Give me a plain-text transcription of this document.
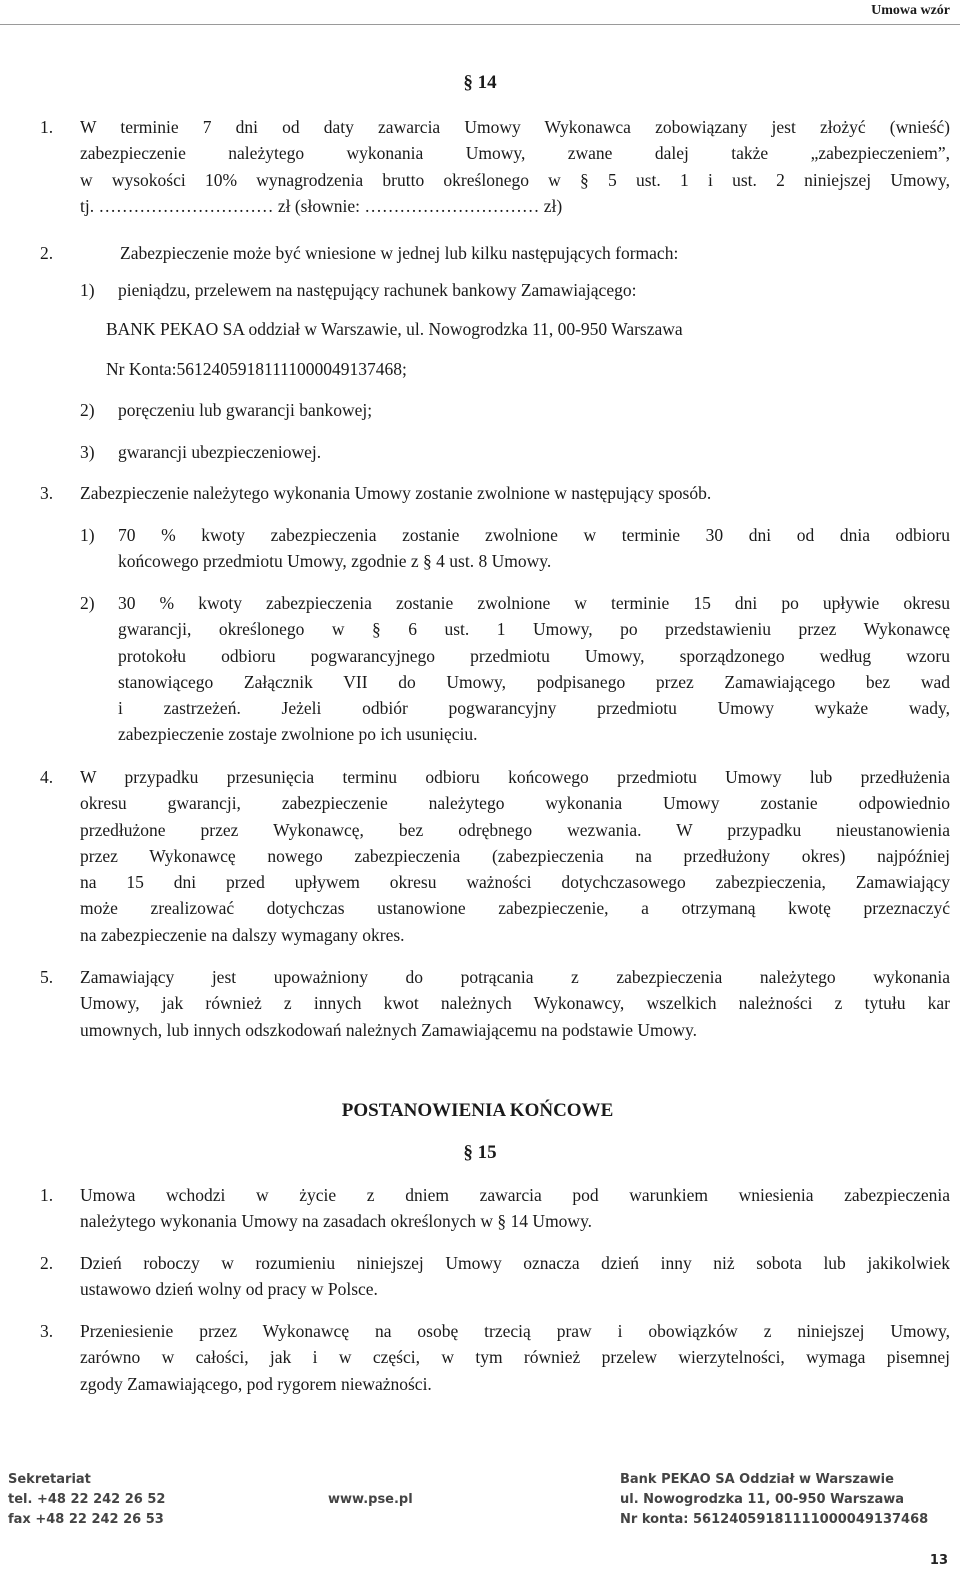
Umowa wzór
§ 14
1. W terminie 7 dni od daty zawarcia Umowy Wykonawca zobowiązany jest złożyć (wnieść)
zabezpieczenie należytego wykonania Umowy, zwane dalej także „zabezpieczeniem”,
w wysokości 10% wynagrodzenia brutto określonego w § 5 ust. 1 i ust. 2 niniejszej Umowy,
tj. ………………………… zł (słownie: ………………………… zł)
2.	Zabezpieczenie może być wniesione w jednej lub kilku następujących formach:
1) pieniądzu, przelewem na następujący rachunek bankowy Zamawiającego:
BANK PEKAO SA oddział w Warszawie, ul. Nowogrodzka 11, 00-950 Warszawa
Nr Konta:56124059181111000049137468;
2) poręczeniu lub gwarancji bankowej;
3) gwarancji ubezpieczeniowej.
3. Zabezpieczenie należytego wykonania Umowy zostanie zwolnione w następujący sposób.
1) 70 % kwoty zabezpieczenia zostanie zwolnione w terminie 30 dni od dnia odbioru
końcowego przedmiotu Umowy, zgodnie z § 4 ust. 8 Umowy.
2) 30 % kwoty zabezpieczenia zostanie zwolnione w terminie 15 dni po upływie okresu
gwarancji, określonego w § 6 ust. 1 Umowy, po przedstawieniu przez Wykonawcę
protokołu odbioru pogwarancyjnego przedmiotu Umowy, sporządzonego według wzoru
stanowiącego Załącznik VII do Umowy, podpisanego przez Zamawiającego bez wad
i zastrzeżeń. Jeżeli odbiór pogwarancyjny przedmiotu Umowy wykaże wady,
zabezpieczenie zostaje zwolnione po ich usunięciu.
4. W przypadku przesunięcia terminu odbioru końcowego przedmiotu Umowy lub przedłużenia
okresu gwarancji, zabezpieczenie należytego wykonania Umowy zostanie odpowiednio
przedłużone przez Wykonawcę, bez odrębnego wezwania. W przypadku nieustanowienia
przez Wykonawcę nowego zabezpieczenia (zabezpieczenia na przedłużony okres) najpóźniej
na 15 dni przed upływem okresu ważności dotychczasowego zabezpieczenia, Zamawiający
może zrealizować dotychczas ustanowione zabezpieczenie, a otrzymaną kwotę przeznaczyć
na zabezpieczenie na dalszy wymagany okres.
5. Zamawiający jest upoważniony do potrącania z zabezpieczenia należytego wykonania
Umowy, jak również z innych kwot należnych Wykonawcy, wszelkich należności z tytułu kar
umownych, lub innych odszkodowań należnych Zamawiającemu na podstawie Umowy.
POSTANOWIENIA KOŃCOWE
§ 15
1. Umowa wchodzi w życie z dniem zawarcia pod warunkiem wniesienia zabezpieczenia
należytego wykonania Umowy na zasadach określonych w § 14 Umowy.
2. Dzień roboczy w rozumieniu niniejszej Umowy oznacza dzień inny niż sobota lub jakikolwiek
ustawowo dzień wolny od pracy w Polsce.
3. Przeniesienie przez Wykonawcę na osobę trzecią praw i obowiązków z niniejszej Umowy,
zarówno w całości, jak i w części, w tym również przelew wierzytelności, wymaga pisemnej
zgody Zamawiającego, pod rygorem nieważności.
Sekretariat
tel. +48 22 242 26 52
fax +48 22 242 26 53
www.pse.pl
Bank PEKAO SA Oddział w Warszawie
ul. Nowogrodzka 11, 00-950 Warszawa
Nr konta: 56124059181111000049137468
13
